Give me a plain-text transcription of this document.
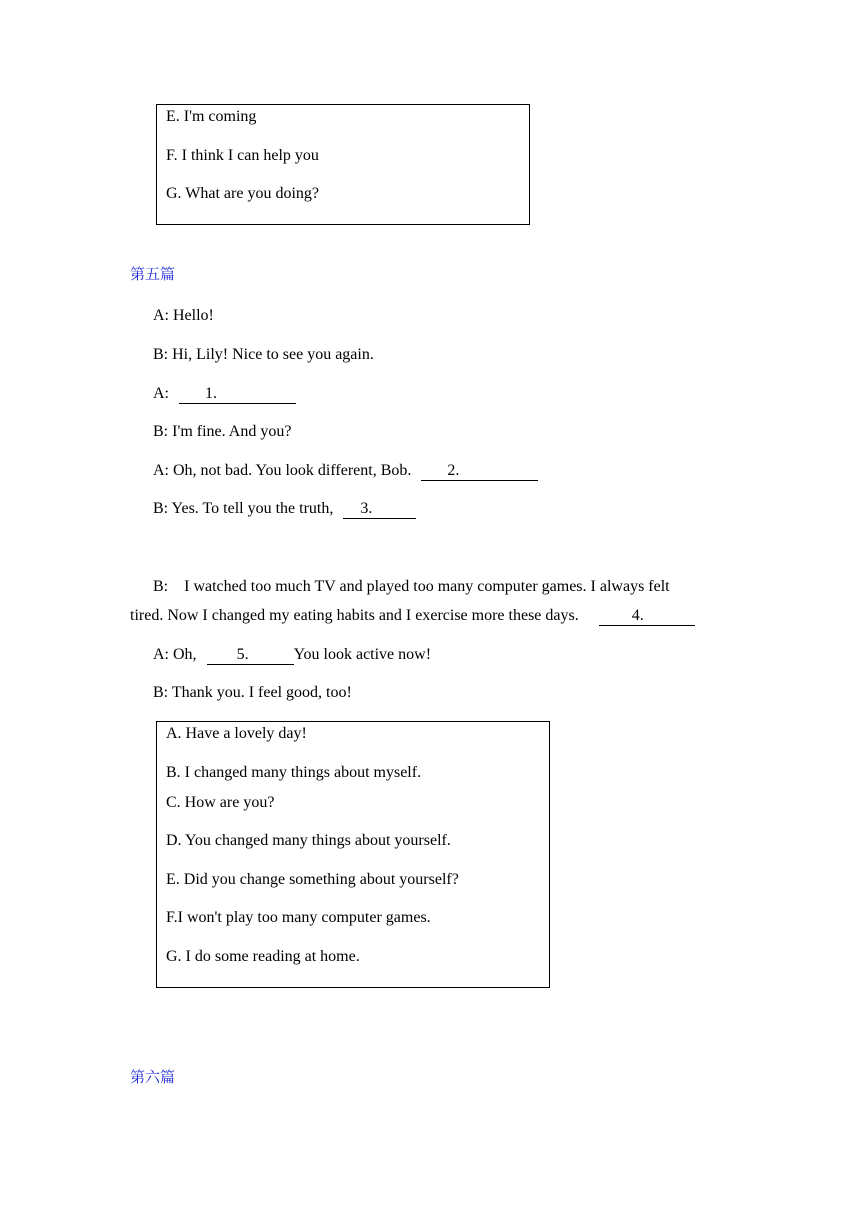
E. I'm coming
F. I think I can help you
G. What are you doing?
第五篇
A: Hello!
B: Hi, Lily! Nice to see you again.
A: 1.
B: I'm fine. And you?
A: Oh, not bad. You look different, Bob. 2.
B: Yes. To tell you the truth, 3.
B:    I watched too much TV and played too many computer games. I always felt
tired. Now I changed my eating habits and I exercise more these days.	4.
A: Oh,	5.	You look active now!
B: Thank you. I feel good, too!
A. Have a lovely day!
B. I changed many things about myself.
C. How are you?
D. You changed many things about yourself.
E. Did you change something about yourself?
F.I won't play too many computer games.
G. I do some reading at home.
第六篇
